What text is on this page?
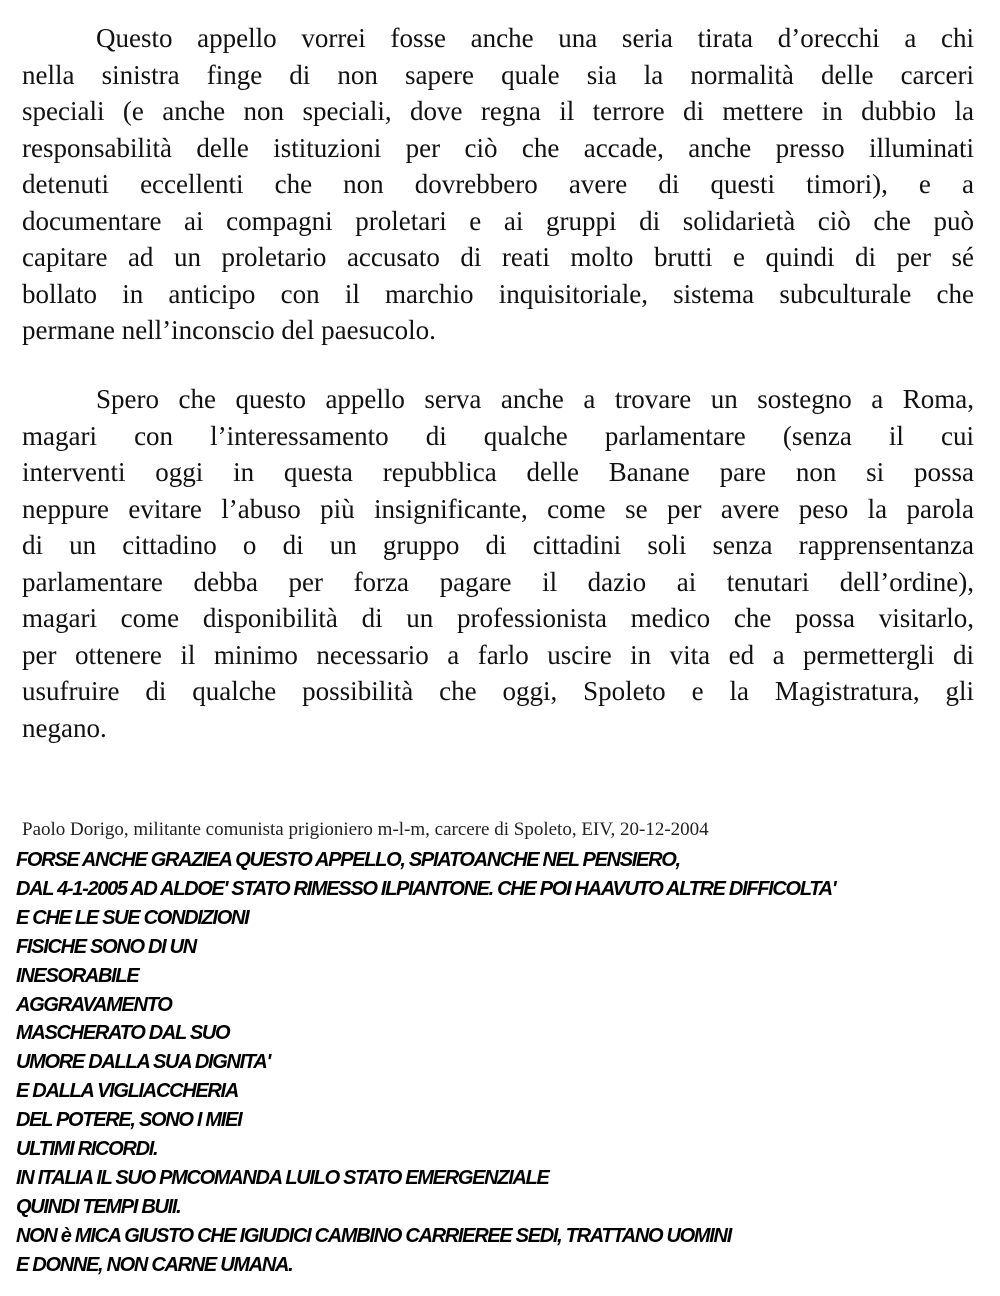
Questo appello vorrei fosse anche una seria tirata d’orecchi a chi
nella sinistra finge di non sapere quale sia la normalità delle carceri
speciali (e anche non speciali, dove regna il terrore di mettere in dubbio la
responsabilità delle istituzioni per ciò che accade, anche presso illuminati
detenuti eccellenti che non dovrebbero avere di questi timori), e a
documentare ai compagni proletari e ai gruppi di solidarietà ciò che può
capitare ad un proletario accusato di reati molto brutti e quindi di per sé
bollato in anticipo con il marchio inquisitoriale, sistema subculturale che
permane nell’inconscio del paesucolo.
Spero che questo appello serva anche a trovare un sostegno a Roma,
magari con l’interessamento di qualche parlamentare (senza il cui
interventi oggi in questa repubblica delle Banane pare non si possa
neppure evitare l’abuso più insignificante, come se per avere peso la parola
di un cittadino o di un gruppo di cittadini soli senza rapprensentanza
parlamentare debba per forza pagare il dazio ai tenutari dell’ordine),
magari come disponibilità di un professionista medico che possa visitarlo,
per ottenere il minimo necessario a farlo uscire in vita ed a permettergli di
usufruire di qualche possibilità che oggi, Spoleto e la Magistratura, gli
negano.
Paolo Dorigo, militante comunista prigioniero m-l-m, carcere di Spoleto, EIV, 20-12-2004
FORSE ANCHE GRAZIEA QUESTO APPELLO, SPIATOANCHE NEL PENSIERO,
DAL 4-1-2005 AD ALDOE' STATO RIMESSO ILPIANTONE. CHE POI HAAVUTO ALTRE DIFFICOLTA'
E CHE LE SUE CONDIZIONI
FISICHE SONO DI UN
INESORABILE
AGGRAVAMENTO
MASCHERATO DAL SUO
UMORE DALLA SUA DIGNITA'
E DALLA VIGLIACCHERIA
DEL POTERE, SONO I MIEI
ULTIMI RICORDI.
IN ITALIA IL SUO PMCOMANDA LUILO STATO EMERGENZIALE
QUINDI TEMPI BUII.
NON è MICA GIUSTO CHE IGIUDICI CAMBINO CARRIEREE SEDI, TRATTANO UOMINI
E DONNE, NON CARNE UMANA.
